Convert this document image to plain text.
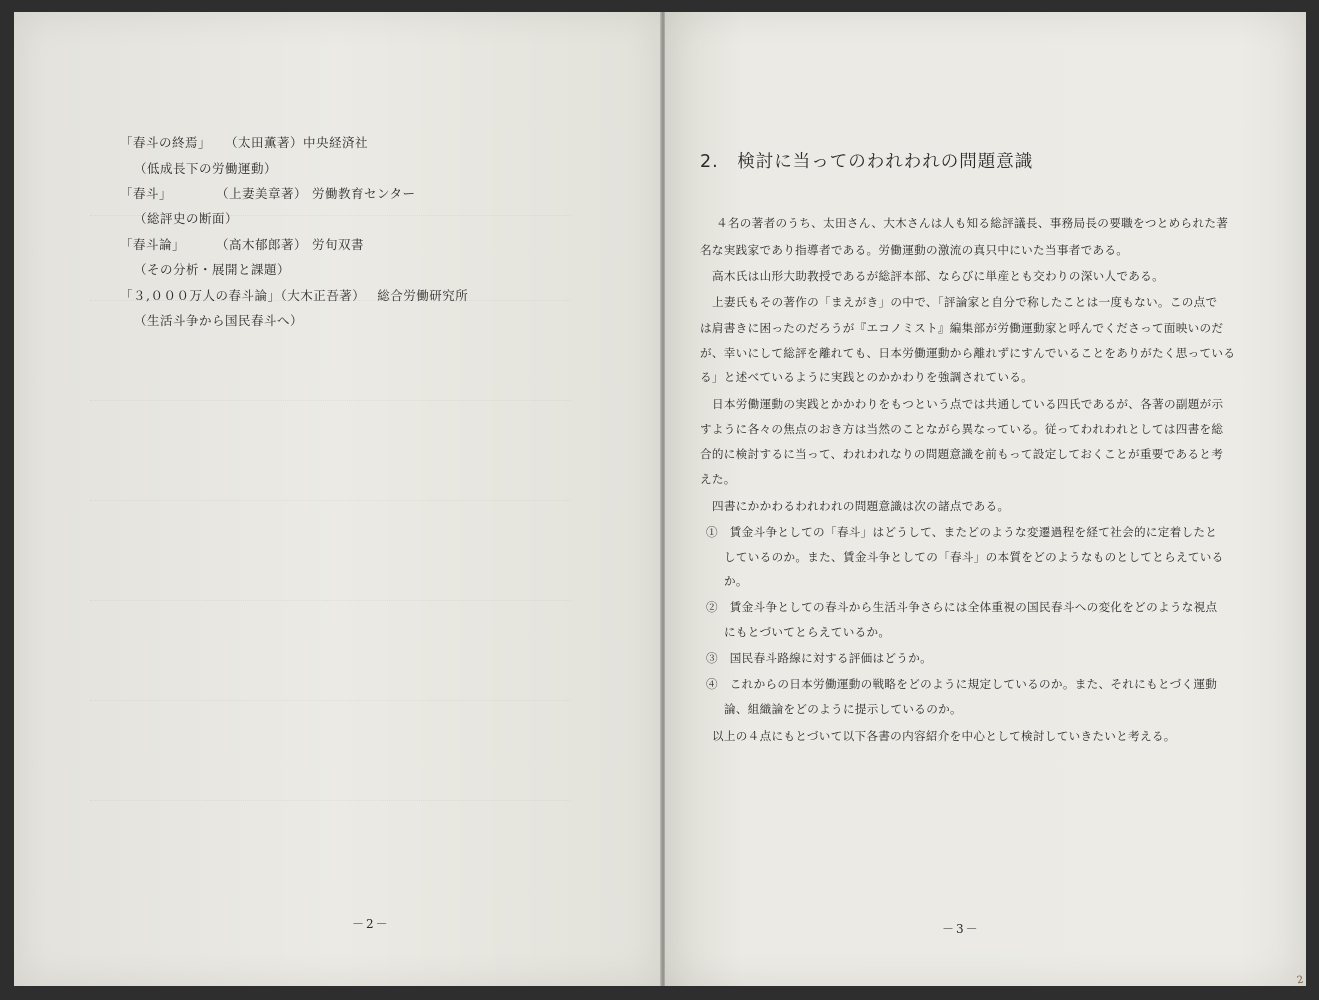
「春斗の終焉」 （太田薫著）中央経済社
（低成長下の労働運動）
「春斗」	（上妻美章著） 労働教育センター
（総評史の断面）
「春斗論」 （高木郁郎著） 労旬双書
（その分析・展開と課題）
「３,０００万人の春斗論」（大木正吾著） 総合労働研究所
（生活斗争から国民春斗へ）
－2－
2.　検討に当ってのわれわれの問題意識
４名の著者のうち、太田さん、大木さんは人も知る総評議長、事務局長の要職をつとめられた著
名な実践家であり指導者である。労働運動の激流の真只中にいた当事者である。
高木氏は山形大助教授であるが総評本部、ならびに単産とも交わりの深い人である。
上妻氏もその著作の「まえがき」の中で、「評論家と自分で称したことは一度もない。この点で
は肩書きに困ったのだろうが『エコノミスト』編集部が労働運動家と呼んでくださって面映いのだ
が、幸いにして総評を離れても、日本労働運動から離れずにすんでいることをありがたく思っている
る」と述べているように実践とのかかわりを強調されている。
日本労働運動の実践とかかわりをもつという点では共通している四氏であるが、各著の副題が示
すように各々の焦点のおき方は当然のことながら異なっている。従ってわれわれとしては四書を総
合的に検討するに当って、われわれなりの問題意識を前もって設定しておくことが重要であると考
えた。
四書にかかわるわれわれの問題意識は次の諸点である。
①　賃金斗争としての「春斗」はどうして、またどのような変遷過程を経て社会的に定着したと
しているのか。また、賃金斗争としての「春斗」の本質をどのようなものとしてとらえている
か。
②　賃金斗争としての春斗から生活斗争さらには全体重視の国民春斗への変化をどのような視点
にもとづいてとらえているか。
③　国民春斗路線に対する評価はどうか。
④　これからの日本労働運動の戦略をどのように規定しているのか。また、それにもとづく運動
論、組織論をどのように提示しているのか。
以上の４点にもとづいて以下各書の内容紹介を中心として検討していきたいと考える。
－3－
2
